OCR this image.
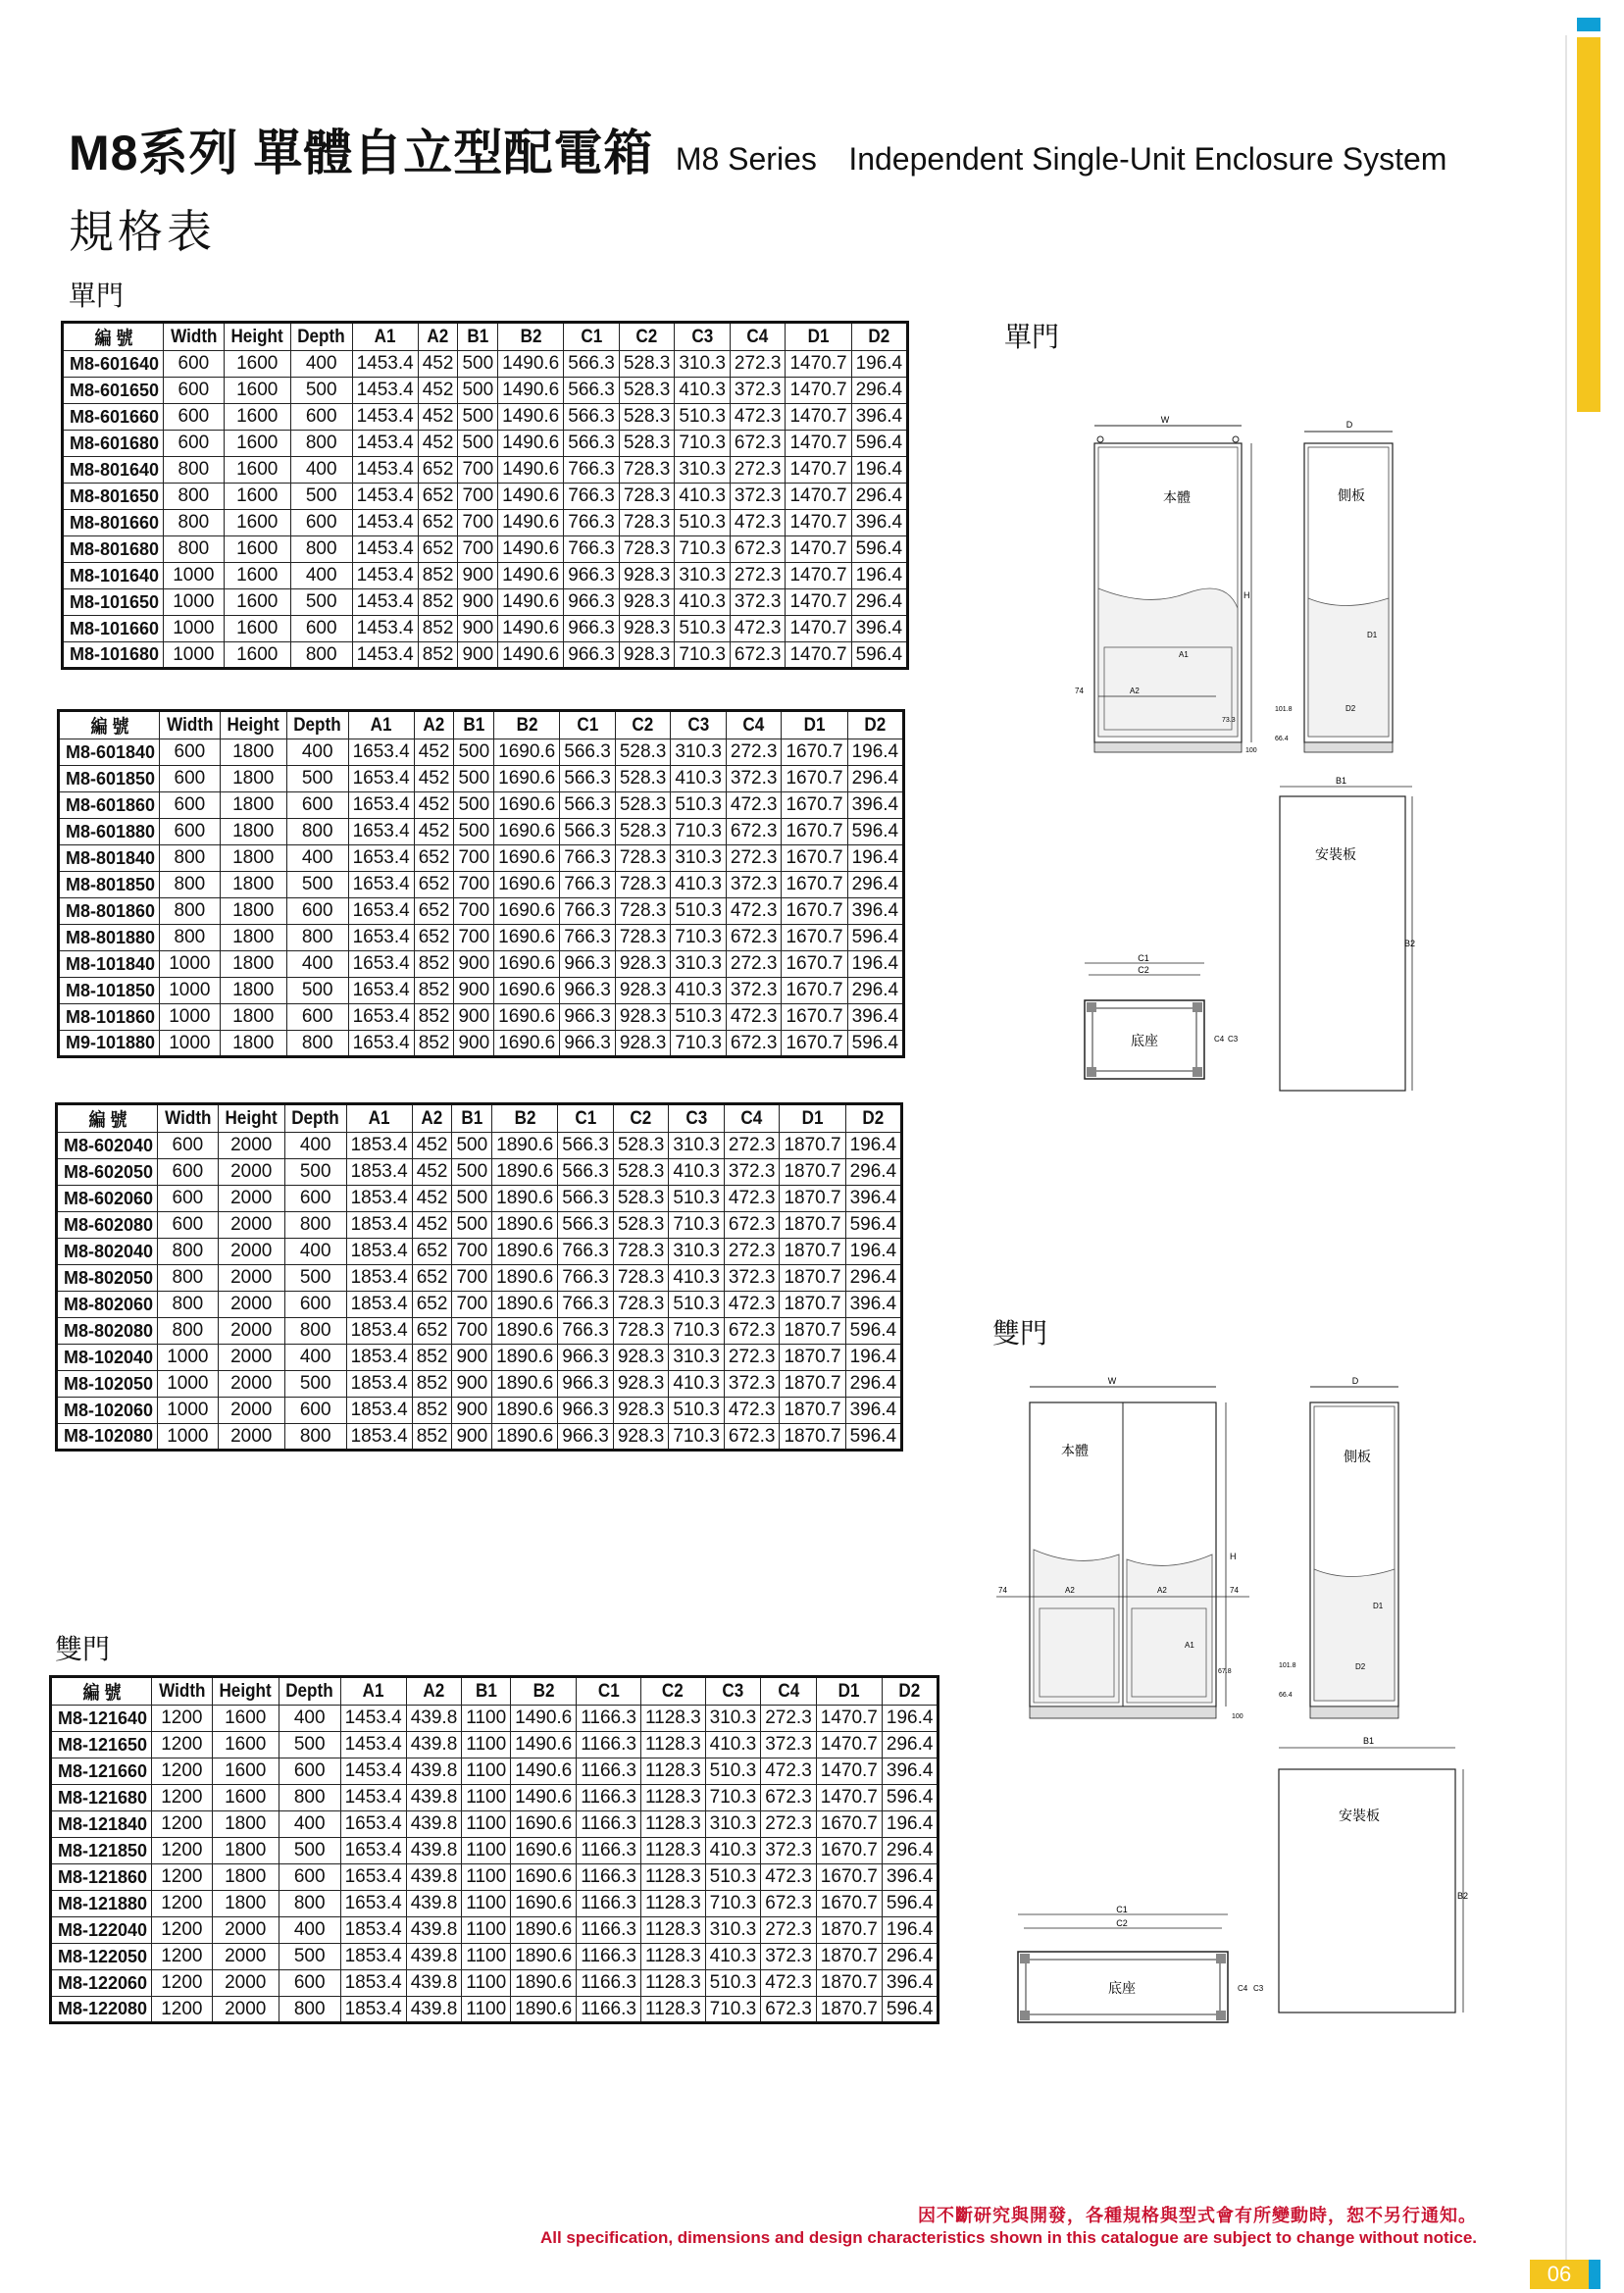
M8系列 單體自立型配電箱 M8 Series Independent Single-Unit Enclosure System
規格表
單門
編 號	Width	Height	Depth	A1	A2	B1	B2	C1	C2	C3	C4	D1	D2
M8-601640	600	1600	400	1453.4	452	500	1490.6	566.3	528.3	310.3	272.3	1470.7	196.4
M8-601650	600	1600	500	1453.4	452	500	1490.6	566.3	528.3	410.3	372.3	1470.7	296.4
M8-601660	600	1600	600	1453.4	452	500	1490.6	566.3	528.3	510.3	472.3	1470.7	396.4
M8-601680	600	1600	800	1453.4	452	500	1490.6	566.3	528.3	710.3	672.3	1470.7	596.4
M8-801640	800	1600	400	1453.4	652	700	1490.6	766.3	728.3	310.3	272.3	1470.7	196.4
M8-801650	800	1600	500	1453.4	652	700	1490.6	766.3	728.3	410.3	372.3	1470.7	296.4
M8-801660	800	1600	600	1453.4	652	700	1490.6	766.3	728.3	510.3	472.3	1470.7	396.4
M8-801680	800	1600	800	1453.4	652	700	1490.6	766.3	728.3	710.3	672.3	1470.7	596.4
M8-101640	1000	1600	400	1453.4	852	900	1490.6	966.3	928.3	310.3	272.3	1470.7	196.4
M8-101650	1000	1600	500	1453.4	852	900	1490.6	966.3	928.3	410.3	372.3	1470.7	296.4
M8-101660	1000	1600	600	1453.4	852	900	1490.6	966.3	928.3	510.3	472.3	1470.7	396.4
M8-101680	1000	1600	800	1453.4	852	900	1490.6	966.3	928.3	710.3	672.3	1470.7	596.4
編 號	Width	Height	Depth	A1	A2	B1	B2	C1	C2	C3	C4	D1	D2
M8-601840	600	1800	400	1653.4	452	500	1690.6	566.3	528.3	310.3	272.3	1670.7	196.4
M8-601850	600	1800	500	1653.4	452	500	1690.6	566.3	528.3	410.3	372.3	1670.7	296.4
M8-601860	600	1800	600	1653.4	452	500	1690.6	566.3	528.3	510.3	472.3	1670.7	396.4
M8-601880	600	1800	800	1653.4	452	500	1690.6	566.3	528.3	710.3	672.3	1670.7	596.4
M8-801840	800	1800	400	1653.4	652	700	1690.6	766.3	728.3	310.3	272.3	1670.7	196.4
M8-801850	800	1800	500	1653.4	652	700	1690.6	766.3	728.3	410.3	372.3	1670.7	296.4
M8-801860	800	1800	600	1653.4	652	700	1690.6	766.3	728.3	510.3	472.3	1670.7	396.4
M8-801880	800	1800	800	1653.4	652	700	1690.6	766.3	728.3	710.3	672.3	1670.7	596.4
M8-101840	1000	1800	400	1653.4	852	900	1690.6	966.3	928.3	310.3	272.3	1670.7	196.4
M8-101850	1000	1800	500	1653.4	852	900	1690.6	966.3	928.3	410.3	372.3	1670.7	296.4
M8-101860	1000	1800	600	1653.4	852	900	1690.6	966.3	928.3	510.3	472.3	1670.7	396.4
M9-101880	1000	1800	800	1653.4	852	900	1690.6	966.3	928.3	710.3	672.3	1670.7	596.4
編 號	Width	Height	Depth	A1	A2	B1	B2	C1	C2	C3	C4	D1	D2
M8-602040	600	2000	400	1853.4	452	500	1890.6	566.3	528.3	310.3	272.3	1870.7	196.4
M8-602050	600	2000	500	1853.4	452	500	1890.6	566.3	528.3	410.3	372.3	1870.7	296.4
M8-602060	600	2000	600	1853.4	452	500	1890.6	566.3	528.3	510.3	472.3	1870.7	396.4
M8-602080	600	2000	800	1853.4	452	500	1890.6	566.3	528.3	710.3	672.3	1870.7	596.4
M8-802040	800	2000	400	1853.4	652	700	1890.6	766.3	728.3	310.3	272.3	1870.7	196.4
M8-802050	800	2000	500	1853.4	652	700	1890.6	766.3	728.3	410.3	372.3	1870.7	296.4
M8-802060	800	2000	600	1853.4	652	700	1890.6	766.3	728.3	510.3	472.3	1870.7	396.4
M8-802080	800	2000	800	1853.4	652	700	1890.6	766.3	728.3	710.3	672.3	1870.7	596.4
M8-102040	1000	2000	400	1853.4	852	900	1890.6	966.3	928.3	310.3	272.3	1870.7	196.4
M8-102050	1000	2000	500	1853.4	852	900	1890.6	966.3	928.3	410.3	372.3	1870.7	296.4
M8-102060	1000	2000	600	1853.4	852	900	1890.6	966.3	928.3	510.3	472.3	1870.7	396.4
M8-102080	1000	2000	800	1853.4	852	900	1890.6	966.3	928.3	710.3	672.3	1870.7	596.4
雙門
編 號	Width	Height	Depth	A1	A2	B1	B2	C1	C2	C3	C4	D1	D2
M8-121640	1200	1600	400	1453.4	439.8	1100	1490.6	1166.3	1128.3	310.3	272.3	1470.7	196.4
M8-121650	1200	1600	500	1453.4	439.8	1100	1490.6	1166.3	1128.3	410.3	372.3	1470.7	296.4
M8-121660	1200	1600	600	1453.4	439.8	1100	1490.6	1166.3	1128.3	510.3	472.3	1470.7	396.4
M8-121680	1200	1600	800	1453.4	439.8	1100	1490.6	1166.3	1128.3	710.3	672.3	1470.7	596.4
M8-121840	1200	1800	400	1653.4	439.8	1100	1690.6	1166.3	1128.3	310.3	272.3	1670.7	196.4
M8-121850	1200	1800	500	1653.4	439.8	1100	1690.6	1166.3	1128.3	410.3	372.3	1670.7	296.4
M8-121860	1200	1800	600	1653.4	439.8	1100	1690.6	1166.3	1128.3	510.3	472.3	1670.7	396.4
M8-121880	1200	1800	800	1653.4	439.8	1100	1690.6	1166.3	1128.3	710.3	672.3	1670.7	596.4
M8-122040	1200	2000	400	1853.4	439.8	1100	1890.6	1166.3	1128.3	310.3	272.3	1870.7	196.4
M8-122050	1200	2000	500	1853.4	439.8	1100	1890.6	1166.3	1128.3	410.3	372.3	1870.7	296.4
M8-122060	1200	2000	600	1853.4	439.8	1100	1890.6	1166.3	1128.3	510.3	472.3	1870.7	396.4
M8-122080	1200	2000	800	1853.4	439.8	1100	1890.6	1166.3	1128.3	710.3	672.3	1870.7	596.4
單門
雙門
W
本體
H
74	A2
A1
73.3
100
D
側板
D1
D2
101.8
66.4
B1
安裝板
B2
C1
C2
底座	C4 C3
W
本體
H
74	A2	A2	74
A1
67.8
100
D
側板
D1
D2
101.8
66.4
B1
安裝板
B2
C1
C2
底座	C4 C3
因不斷研究與開發，各種規格與型式會有所變動時，恕不另行通知。
All specification, dimensions and design characteristics shown in this catalogue are subject to change without notice.
06
